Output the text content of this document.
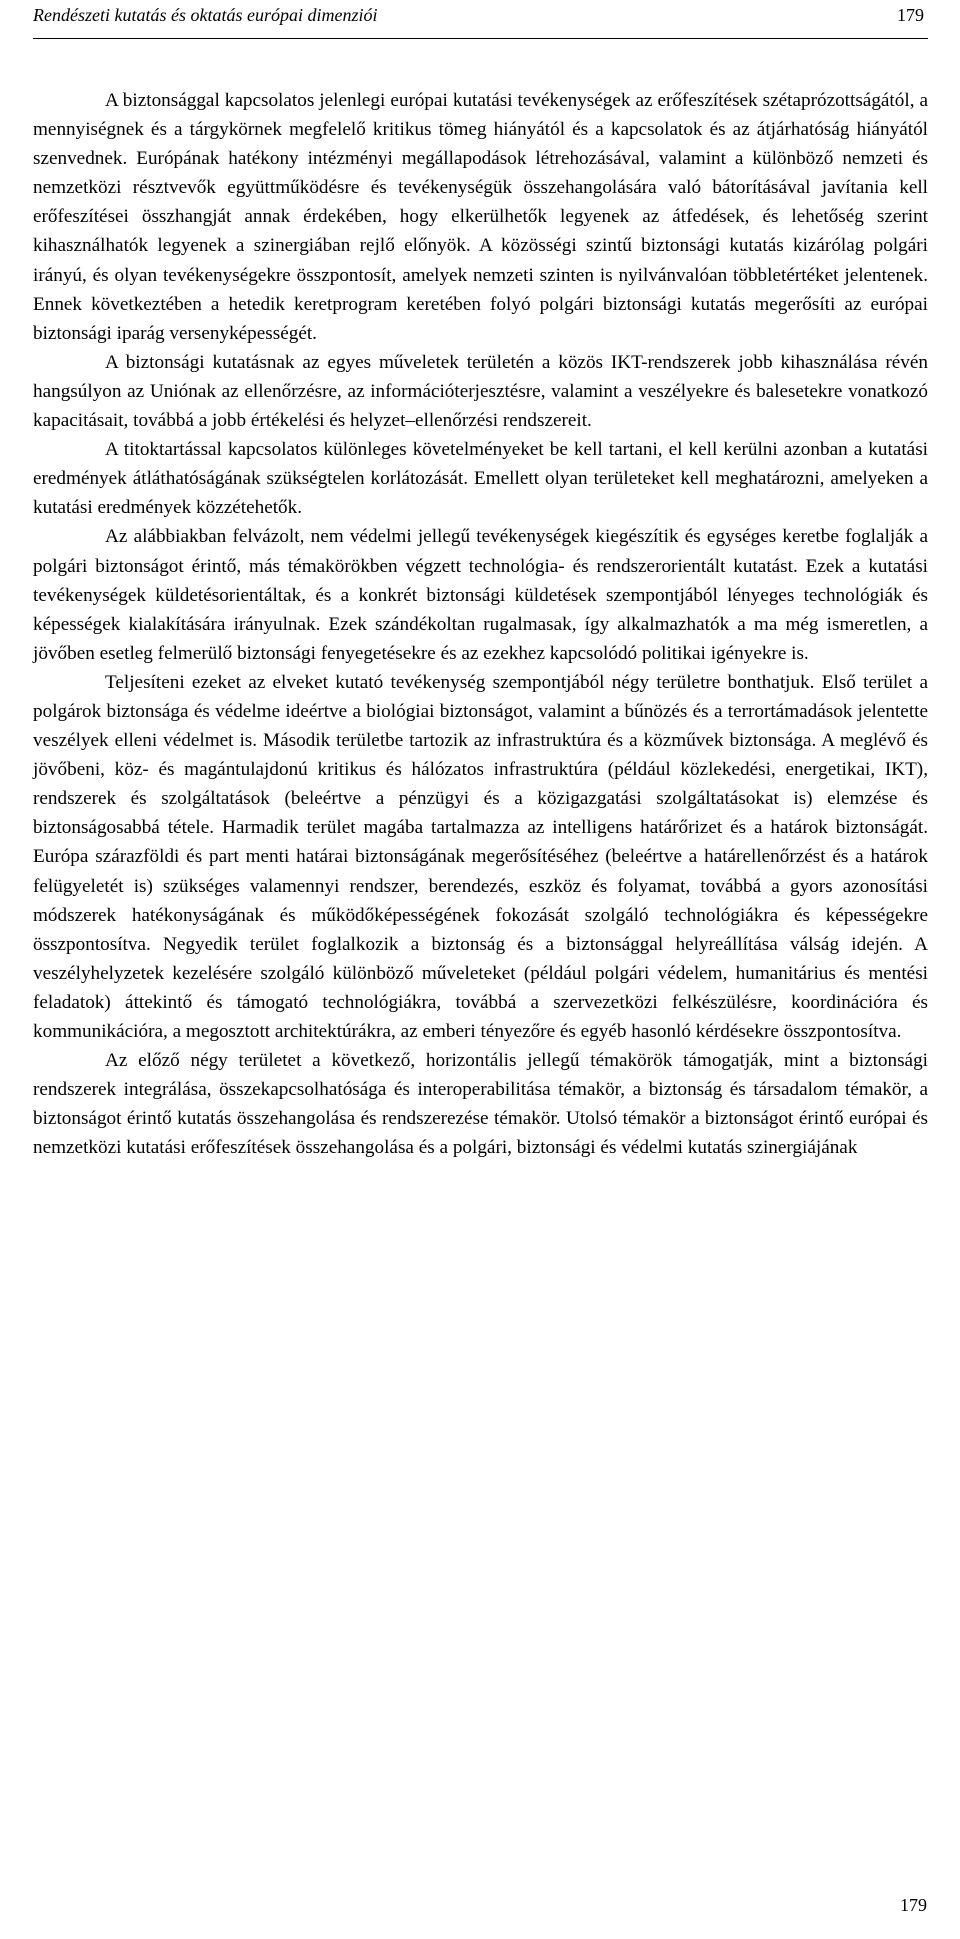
Rendészeti kutatás és oktatás európai dimenziói	179

A biztonsággal kapcsolatos jelenlegi európai kutatási tevékenységek az erőfeszítések szétaprózottságától, a mennyiségnek és a tárgykörnek megfelelő kritikus tömeg hiányától és a kapcsolatok és az átjárhatóság hiányától szenvednek. Európának hatékony intézményi megállapodások létrehozásával, valamint a különböző nemzeti és nemzetközi résztvevők együttműködésre és tevékenységük összehangolására való bátorításával javítania kell erőfeszítései összhangját annak érdekében, hogy elkerülhetők legyenek az átfedések, és lehetőség szerint kihasználhatók legyenek a szinergiában rejlő előnyök. A közösségi szintű biztonsági kutatás kizárólag polgári irányú, és olyan tevékenységekre összpontosít, amelyek nemzeti szinten is nyilvánvalóan többletértéket jelentenek. Ennek következtében a hetedik keretprogram keretében folyó polgári biztonsági kutatás megerősíti az európai biztonsági iparág versenyképességét.

A biztonsági kutatásnak az egyes műveletek területén a közös IKT-rendszerek jobb kihasználása révén hangsúlyon az Uniónak az ellenőrzésre, az információterjesztésre, valamint a veszélyekre és balesetekre vonatkozó kapacitásait, továbbá a jobb értékelési és helyzet–ellenőrzési rendszereit.

A titoktartással kapcsolatos különleges követelményeket be kell tartani, el kell kerülni azonban a kutatási eredmények átláthatóságának szükségtelen korlátozását. Emellett olyan területeket kell meghatározni, amelyeken a kutatási eredmények közzétehetők.

Az alábbiakban felvázolt, nem védelmi jellegű tevékenységek kiegészítik és egységes keretbe foglalják a polgári biztonságot érintő, más témakörökben végzett technológia- és rendszerorientált kutatást. Ezek a kutatási tevékenységek küldetésorientáltak, és a konkrét biztonsági küldetések szempontjából lényeges technológiák és képességek kialakítására irányulnak. Ezek szándékoltan rugalmasak, így alkalmazhatók a ma még ismeretlen, a jövőben esetleg felmerülő biztonsági fenyegetésekre és az ezekhez kapcsolódó politikai igényekre is.

Teljesíteni ezeket az elveket kutató tevékenység szempontjából négy területre bonthatjuk. Első terület a polgárok biztonsága és védelme ideértve a biológiai biztonságot, valamint a bűnözés és a terrortámadások jelentette veszélyek elleni védelmet is. Második területbe tartozik az infrastruktúra és a közművek biztonsága. A meglévő és jövőbeni, köz- és magántulajdonú kritikus és hálózatos infrastruktúra (például közlekedési, energetikai, IKT), rendszerek és szolgáltatások (beleértve a pénzügyi és a közigazgatási szolgáltatásokat is) elemzése és biztonságosabbá tétele. Harmadik terület magába tartalmazza az intelligens határőrizet és a határok biztonságát. Európa szárazföldi és part menti határai biztonságának megerősítéséhez (beleértve a határellenőrzést és a határok felügyeletét is) szükséges valamennyi rendszer, berendezés, eszköz és folyamat, továbbá a gyors azonosítási módszerek hatékonyságának és működőképességének fokozását szolgáló technológiákra és képességekre összpontosítva. Negyedik terület foglalkozik a biztonság és a biztonsággal helyreállítása válság idején. A veszélyhelyzetek kezelésére szolgáló különböző műveleteket (például polgári védelem, humanitárius és mentési feladatok) áttekintő és támogató technológiákra, továbbá a szervezetközi felkészülésre, koordinációra és kommunikációra, a megosztott architektúrákra, az emberi tényezőre és egyéb hasonló kérdésekre összpontosítva.

Az előző négy területet a következő, horizontális jellegű témakörök támogatják, mint a biztonsági rendszerek integrálása, összekapcsolhatósága és interoperabilitása témakör, a biztonság és társadalom témakör, a biztonságot érintő kutatás összehangolása és rendszerezése témakör. Utolsó témakör a biztonságot érintő európai és nemzetközi kutatási erőfeszítések összehangolása és a polgári, biztonsági és védelmi kutatás szinergiájának

179
